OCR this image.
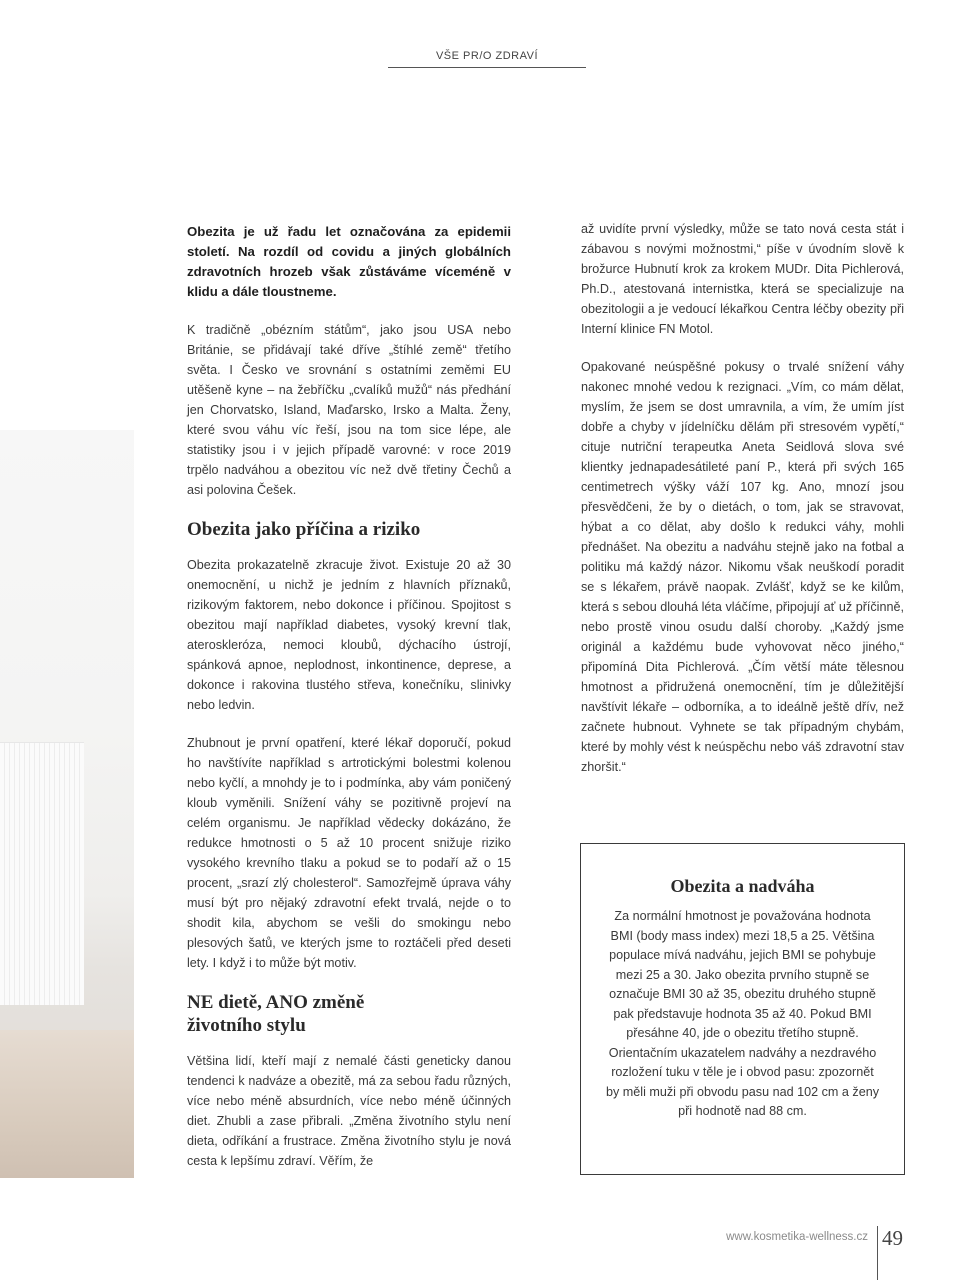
VŠE PR/O ZDRAVÍ

Obezita je už řadu let označována za epidemii století. Na rozdíl od covidu a jiných globálních zdravotních hrozeb však zůstáváme víceméně v klidu a dále tloustneme.

K tradičně „obézním státům“, jako jsou USA nebo Británie, se přidávají také dříve „štíhlé země“ třetího světa. I Česko ve srovnání s ostatními zeměmi EU utěšeně kyne – na žebříčku „cvalíků mužů“ nás předhání jen Chorvatsko, Island, Maďarsko, Irsko a Malta. Ženy, které svou váhu víc řeší, jsou na tom sice lépe, ale statistiky jsou i v jejich případě varovné: v roce 2019 trpělo nadváhou a obezitou víc než dvě třetiny Čechů a asi polovina Češek.

Obezita jako příčina a riziko

Obezita prokazatelně zkracuje život. Existuje 20 až 30 onemocnění, u nichž je jedním z hlavních příznaků, rizikovým faktorem, nebo dokonce i příčinou. Spojitost s obezitou mají například diabetes, vysoký krevní tlak, ateroskleróza, nemoci kloubů, dýchacího ústrojí, spánková apnoe, neplodnost, inkontinence, deprese, a dokonce i rakovina tlustého střeva, konečníku, slinivky nebo ledvin.

Zhubnout je první opatření, které lékař doporučí, pokud ho navštívíte například s artrotickými bolestmi kolenou nebo kyčlí, a mnohdy je to i podmínka, aby vám poničený kloub vyměnili. Snížení váhy se pozitivně projeví na celém organismu. Je například vědecky dokázáno, že redukce hmotnosti o 5 až 10 procent snižuje riziko vysokého krevního tlaku a pokud se to podaří až o 15 procent, „srazí zlý cholesterol“. Samozřejmě úprava váhy musí být pro nějaký zdravotní efekt trvalá, nejde o to shodit kila, abychom se vešli do smokingu nebo plesových šatů, ve kterých jsme to roztáčeli před deseti lety. I když i to může být motiv.

NE dietě, ANO změně
životního stylu

Většina lidí, kteří mají z nemalé části geneticky danou tendenci k nadváze a obezitě, má za sebou řadu různých, více nebo méně absurdních, více nebo méně účinných diet. Zhubli a zase přibrali. „Změna životního stylu není dieta, odříkání a frustrace. Změna životního stylu je nová cesta k lepšímu zdraví. Věřím, že

až uvidíte první výsledky, může se tato nová cesta stát i zábavou s novými možnostmi,“ píše v úvodním slově k brožurce Hubnutí krok za krokem MUDr. Dita Pichlerová, Ph.D., atestovaná internistka, která se specializuje na obezitologii a je vedoucí lékařkou Centra léčby obezity při Interní klinice FN Motol.

Opakované neúspěšné pokusy o trvalé snížení váhy nakonec mnohé vedou k rezignaci. „Vím, co mám dělat, myslím, že jsem se dost umravnila, a vím, že umím jíst dobře a chyby v jídelníčku dělám při stresovém vypětí,“ cituje nutriční terapeutka Aneta Seidlová slova své klientky jednapadesátileté paní P., která při svých 165 centimetrech výšky váží 107 kg. Ano, mnozí jsou přesvědčeni, že by o dietách, o tom, jak se stravovat, hýbat a co dělat, aby došlo k redukci váhy, mohli přednášet. Na obezitu a nadváhu stejně jako na fotbal a politiku má každý názor. Nikomu však neuškodí poradit se s lékařem, právě naopak. Zvlášť, když se ke kilům, která s sebou dlouhá léta vláčíme, připojují ať už příčinně, nebo prostě vinou osudu další choroby. „Každý jsme originál a každému bude vyhovovat něco jiného,“ připomíná Dita Pichlerová. „Čím větší máte tělesnou hmotnost a přidružená onemocnění, tím je důležitější navštívit lékaře – odborníka, a to ideálně ještě dřív, než začnete hubnout. Vyhnete se tak případným chybám, které by mohly vést k neúspěchu nebo váš zdravotní stav zhoršit.“

Obezita a nadváha
Za normální hmotnost je považována hodnota BMI (body mass index) mezi 18,5 a 25. Většina populace mívá nadváhu, jejich BMI se pohybuje mezi 25 a 30. Jako obezita prvního stupně se označuje BMI 30 až 35, obezitu druhého stupně pak představuje hodnota 35 až 40. Pokud BMI přesáhne 40, jde o obezitu třetího stupně. Orientačním ukazatelem nadváhy a nezdravého rozložení tuku v těle je i obvod pasu: zpozornět by měli muži při obvodu pasu nad 102 cm a ženy při hodnotě nad 88 cm.
www.kosmetika-wellness.cz 49
